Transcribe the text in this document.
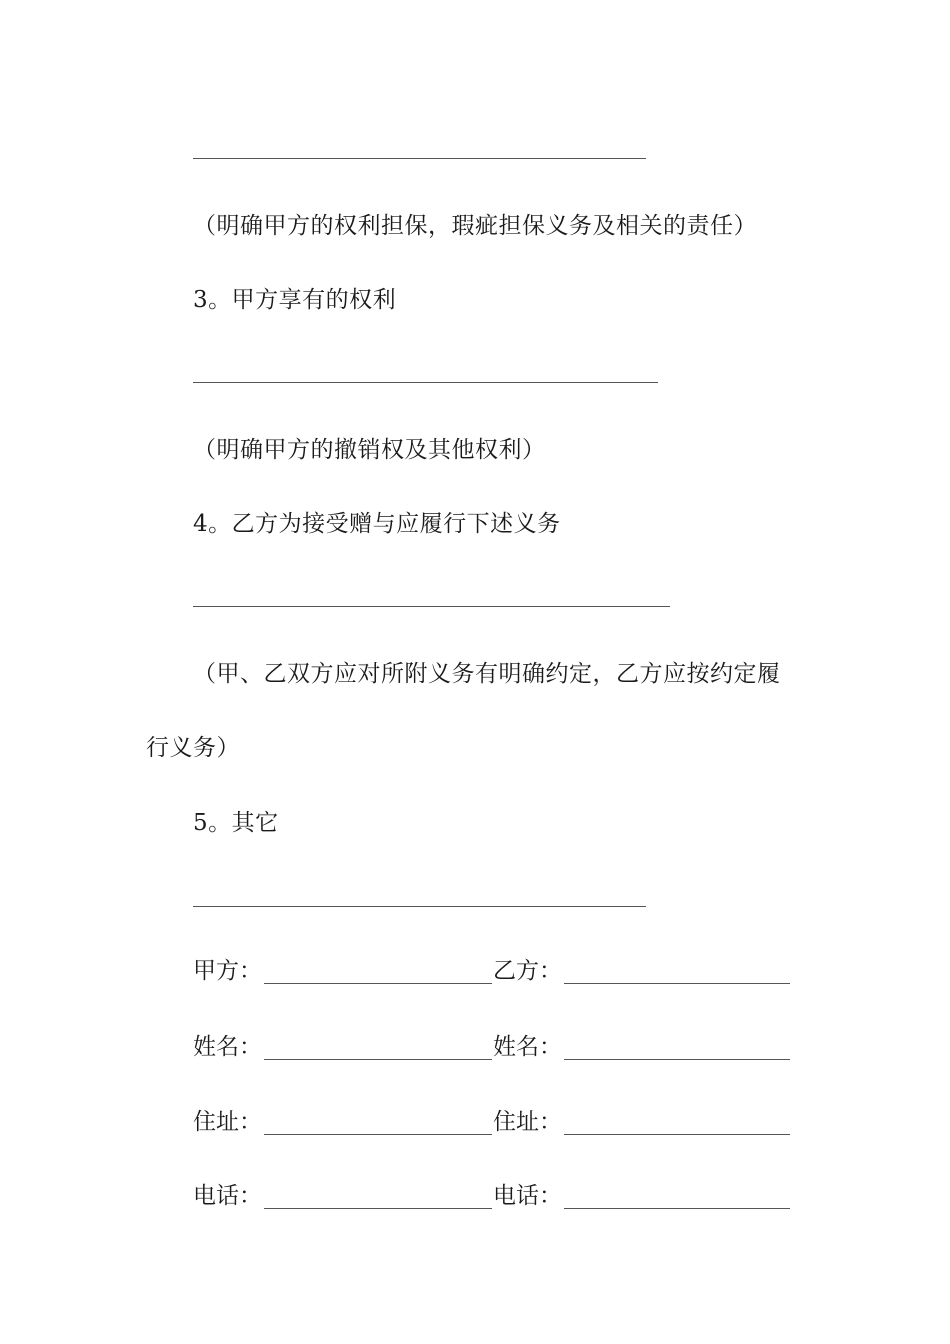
（明确甲方的权利担保，瑕疵担保义务及相关的责任）
3。甲方享有的权利
（明确甲方的撤销权及其他权利）
4。乙方为接受赠与应履行下述义务
（甲、乙双方应对所附义务有明确约定，乙方应按约定履
行义务）
5。其它
甲方：	乙方：
姓名：	姓名：
住址：	住址：
电话：	电话：
